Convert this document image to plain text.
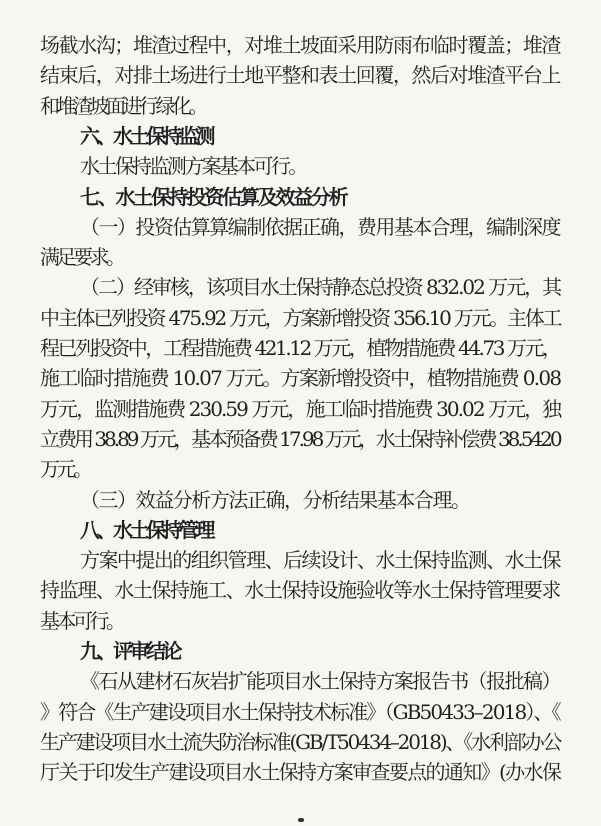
场截水沟；堆渣过程中，对堆土坡面采用防雨布临时覆盖；堆渣
结束后，对排土场进行土地平整和表土回覆，然后对堆渣平台上
和堆渣坡面进行绿化。
六、水土保持监测
水土保持监测方案基本可行。
七、水土保持投资估算及效益分析
（一）投资估算算编制依据正确，费用基本合理，编制深度
满足要求。
（二）经审核，该项目水土保持静态总投资 832.02 万元，其
中主体已列投资 475.92 万元，方案新增投资 356.10 万元。主体工
程已列投资中，工程措施费 421.12 万元，植物措施费 44.73 万元，
施工临时措施费 10.07 万元。方案新增投资中，植物措施费 0.08
万元，监测措施费 230.59 万元，施工临时措施费 30.02 万元，独
立费用 38.89 万元，基本预备费 17.98 万元，水土保持补偿费 38.5420
万元。
（三）效益分析方法正确，分析结果基本合理。
八、水土保持管理
方案中提出的组织管理、后续设计、水土保持监测、水土保
持监理、水土保持施工、水土保持设施验收等水土保持管理要求
基本可行。
九、评审结论
《石从建材石灰岩扩能项目水土保持方案报告书（报批稿）
》符合《生产建设项目水土保持技术标准》（GB50433–2018）、《
生产建设项目水土流失防治标准(GB/T50434–2018)、《水利部办公
厅关于印发生产建设项目水土保持方案审查要点的通知》(办水保
